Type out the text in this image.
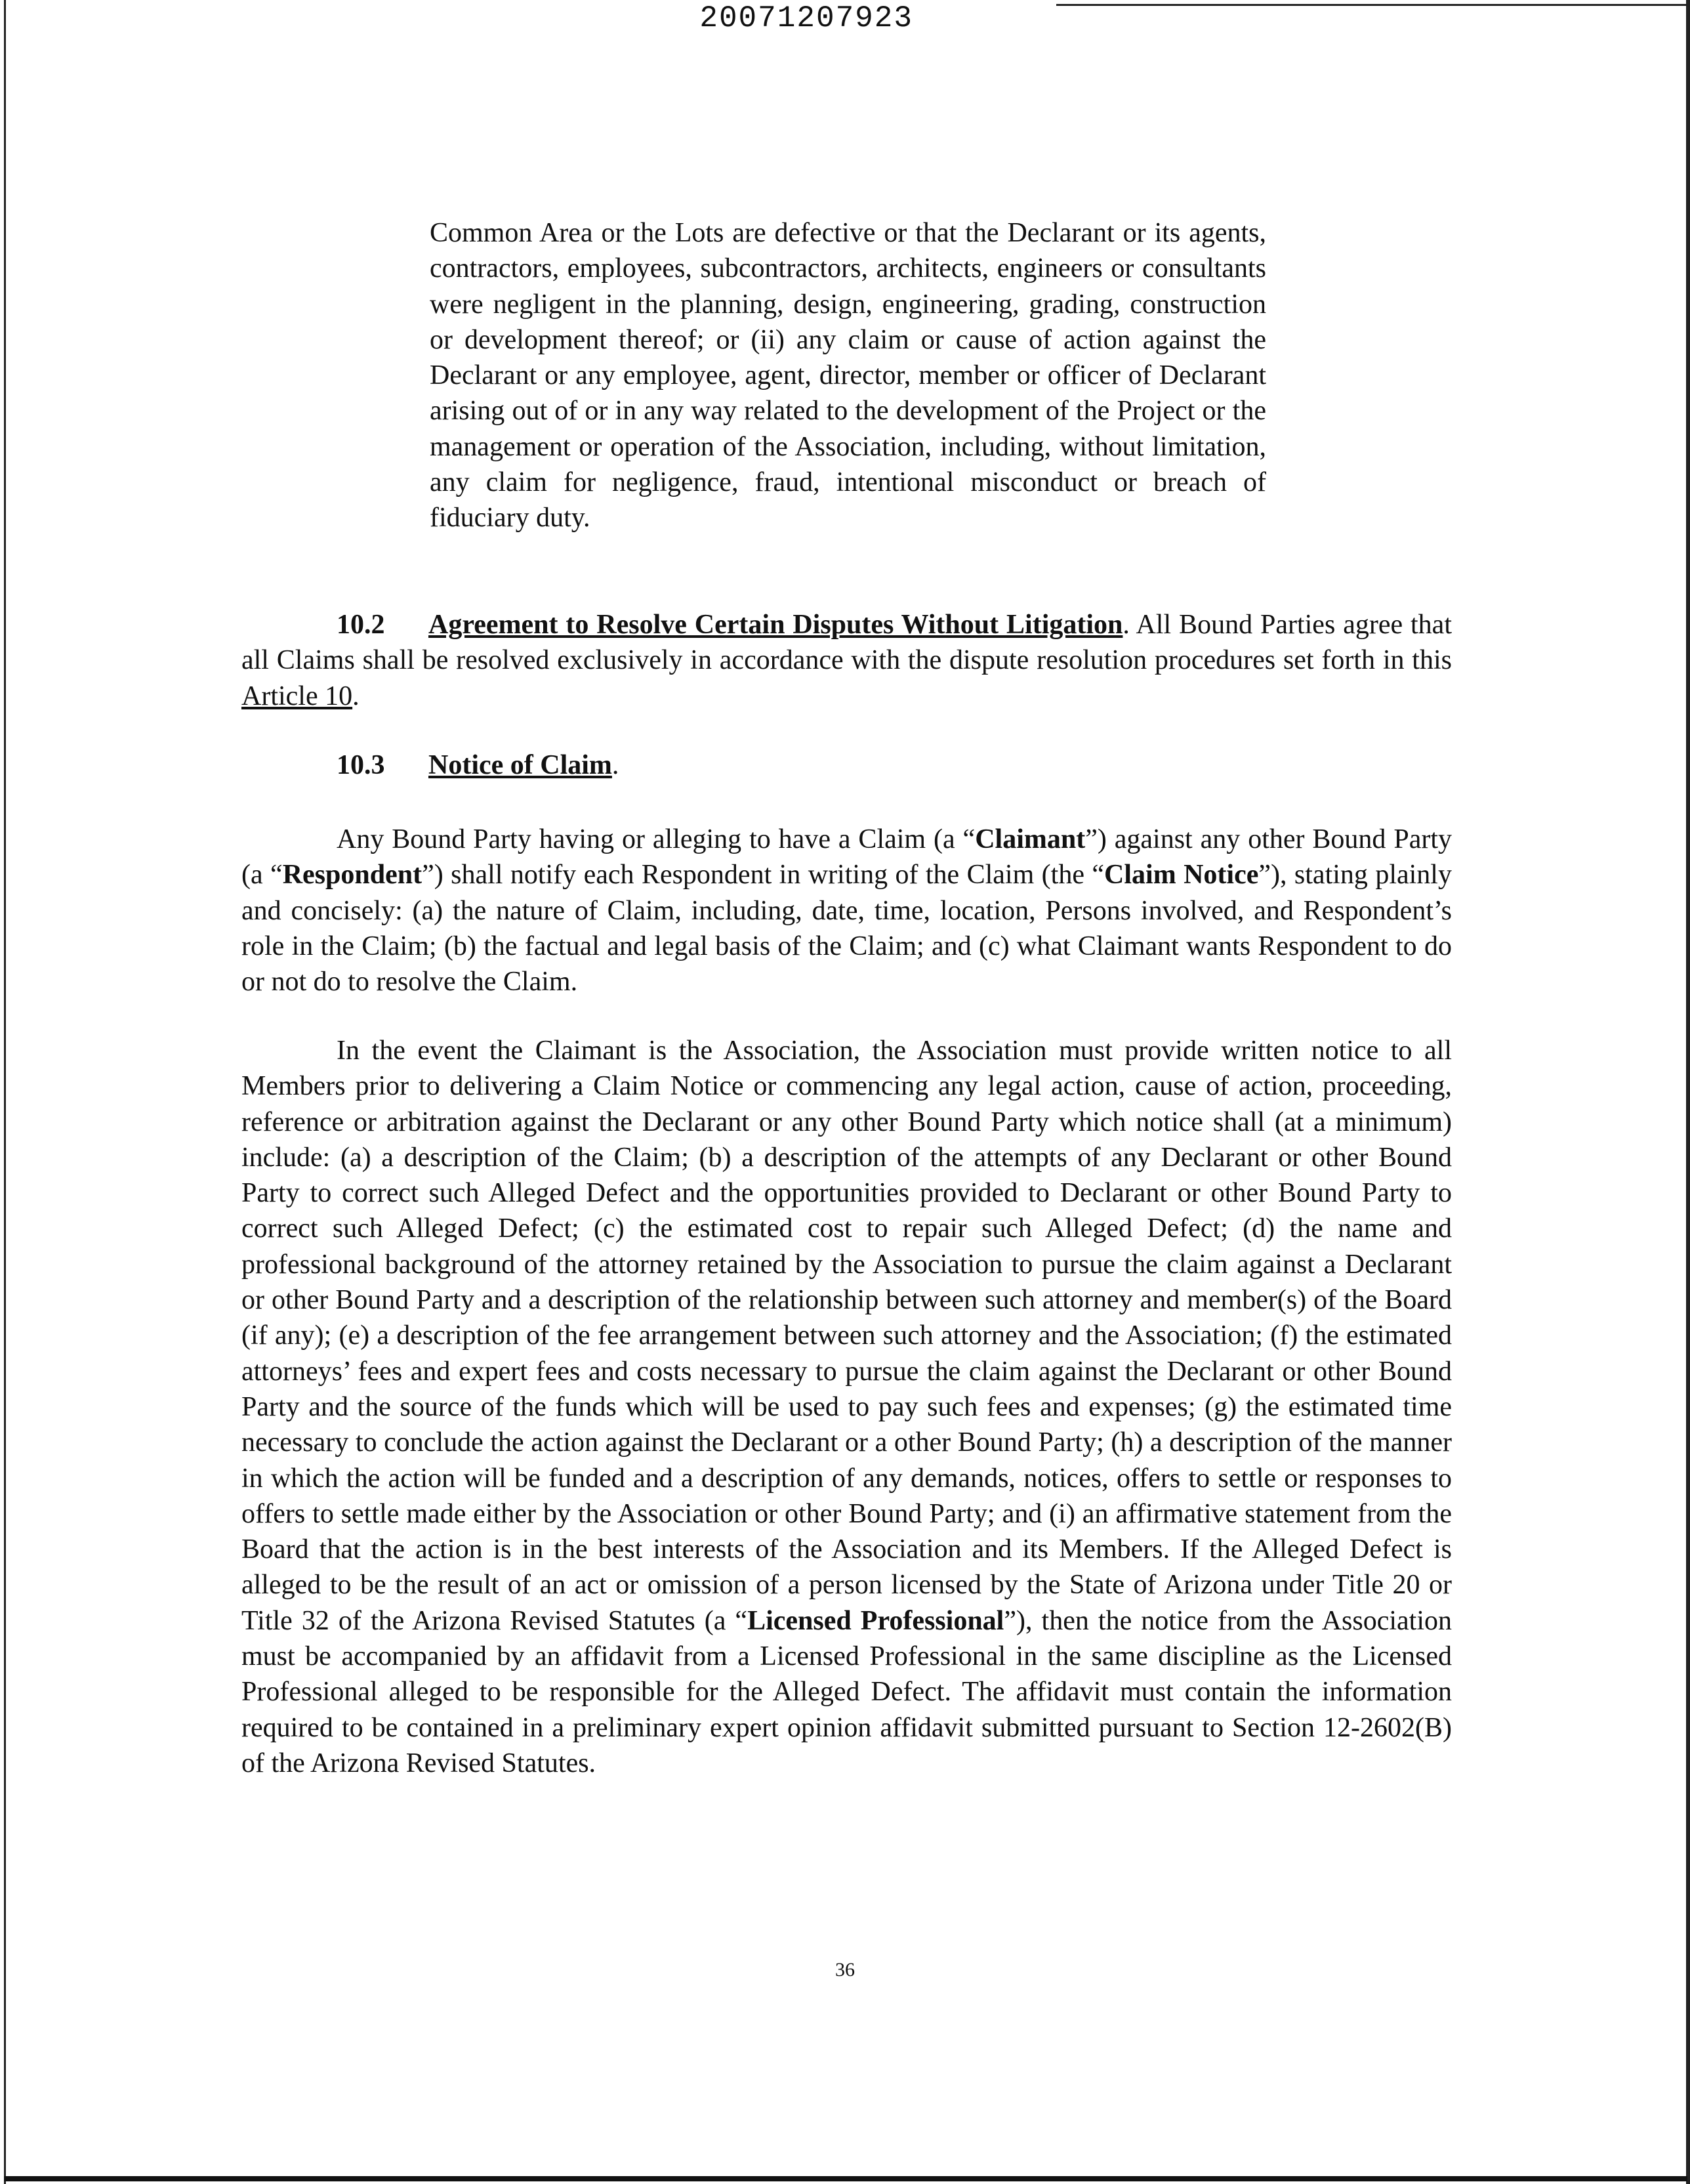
20071207923
Common Area or the Lots are defective or that the Declarant or its agents, contractors, employees, subcontractors, architects, engineers or consultants were negligent in the planning, design, engineering, grading, construction or development thereof; or (ii) any claim or cause of action against the Declarant or any employee, agent, director, member or officer of Declarant arising out of or in any way related to the development of the Project or the management or operation of the Association, including, without limitation, any claim for negligence, fraud, intentional misconduct or breach of fiduciary duty.
10.2 Agreement to Resolve Certain Disputes Without Litigation. All Bound Parties agree that all Claims shall be resolved exclusively in accordance with the dispute resolution procedures set forth in this Article 10.
10.3 Notice of Claim.
Any Bound Party having or alleging to have a Claim (a “Claimant”) against any other Bound Party (a “Respondent”) shall notify each Respondent in writing of the Claim (the “Claim Notice”), stating plainly and concisely: (a) the nature of Claim, including, date, time, location, Persons involved, and Respondent’s role in the Claim; (b) the factual and legal basis of the Claim; and (c) what Claimant wants Respondent to do or not do to resolve the Claim.
In the event the Claimant is the Association, the Association must provide written notice to all Members prior to delivering a Claim Notice or commencing any legal action, cause of action, proceeding, reference or arbitration against the Declarant or any other Bound Party which notice shall (at a minimum) include: (a) a description of the Claim; (b) a description of the attempts of any Declarant or other Bound Party to correct such Alleged Defect and the opportunities provided to Declarant or other Bound Party to correct such Alleged Defect; (c) the estimated cost to repair such Alleged Defect; (d) the name and professional background of the attorney retained by the Association to pursue the claim against a Declarant or other Bound Party and a description of the relationship between such attorney and member(s) of the Board (if any); (e) a description of the fee arrangement between such attorney and the Association; (f) the estimated attorneys’ fees and expert fees and costs necessary to pursue the claim against the Declarant or other Bound Party and the source of the funds which will be used to pay such fees and expenses; (g) the estimated time necessary to conclude the action against the Declarant or a other Bound Party; (h) a description of the manner in which the action will be funded and a description of any demands, notices, offers to settle or responses to offers to settle made either by the Association or other Bound Party; and (i) an affirmative statement from the Board that the action is in the best interests of the Association and its Members. If the Alleged Defect is alleged to be the result of an act or omission of a person licensed by the State of Arizona under Title 20 or Title 32 of the Arizona Revised Statutes (a “Licensed Professional”), then the notice from the Association must be accompanied by an affidavit from a Licensed Professional in the same discipline as the Licensed Professional alleged to be responsible for the Alleged Defect. The affidavit must contain the information required to be contained in a preliminary expert opinion affidavit submitted pursuant to Section 12-2602(B) of the Arizona Revised Statutes.
36
